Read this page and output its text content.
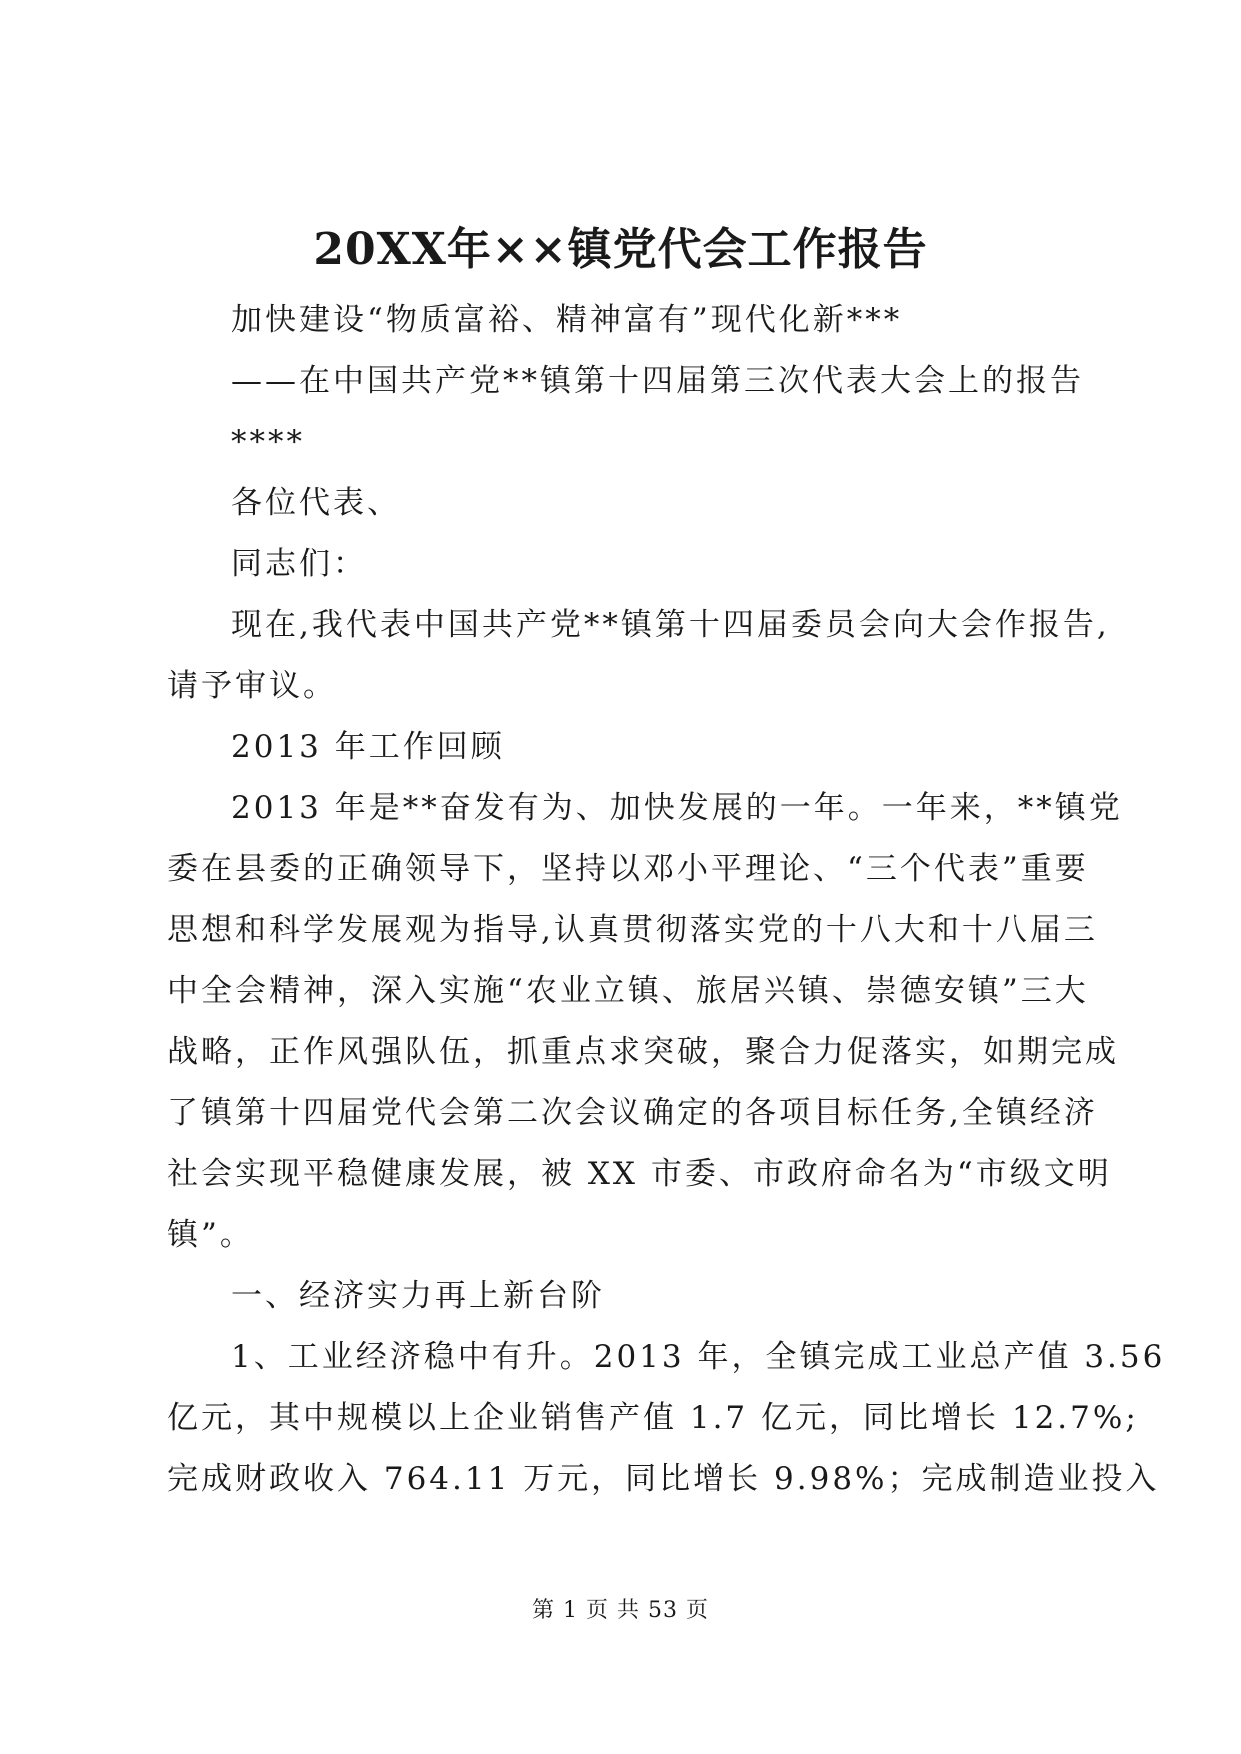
20XX年××镇党代会工作报告
加快建设“物质富裕、精神富有”现代化新***
——在中国共产党**镇第十四届第三次代表大会上的报告
****
各位代表、
同志们：
现在,我代表中国共产党**镇第十四届委员会向大会作报告,
请予审议。
2013 年工作回顾
2013 年是**奋发有为、加快发展的一年。一年来，**镇党
委在县委的正确领导下，坚持以邓小平理论、“三个代表”重要
思想和科学发展观为指导,认真贯彻落实党的十八大和十八届三
中全会精神，深入实施“农业立镇、旅居兴镇、崇德安镇”三大
战略，正作风强队伍，抓重点求突破，聚合力促落实，如期完成
了镇第十四届党代会第二次会议确定的各项目标任务,全镇经济
社会实现平稳健康发展，被 XX 市委、市政府命名为“市级文明
镇”。
一、经济实力再上新台阶
1、工业经济稳中有升。2013 年，全镇完成工业总产值 3.56
亿元，其中规模以上企业销售产值 1.7 亿元，同比增长 12.7%;
完成财政收入 764.11 万元，同比增长 9.98%；完成制造业投入
第 1 页 共 53 页
